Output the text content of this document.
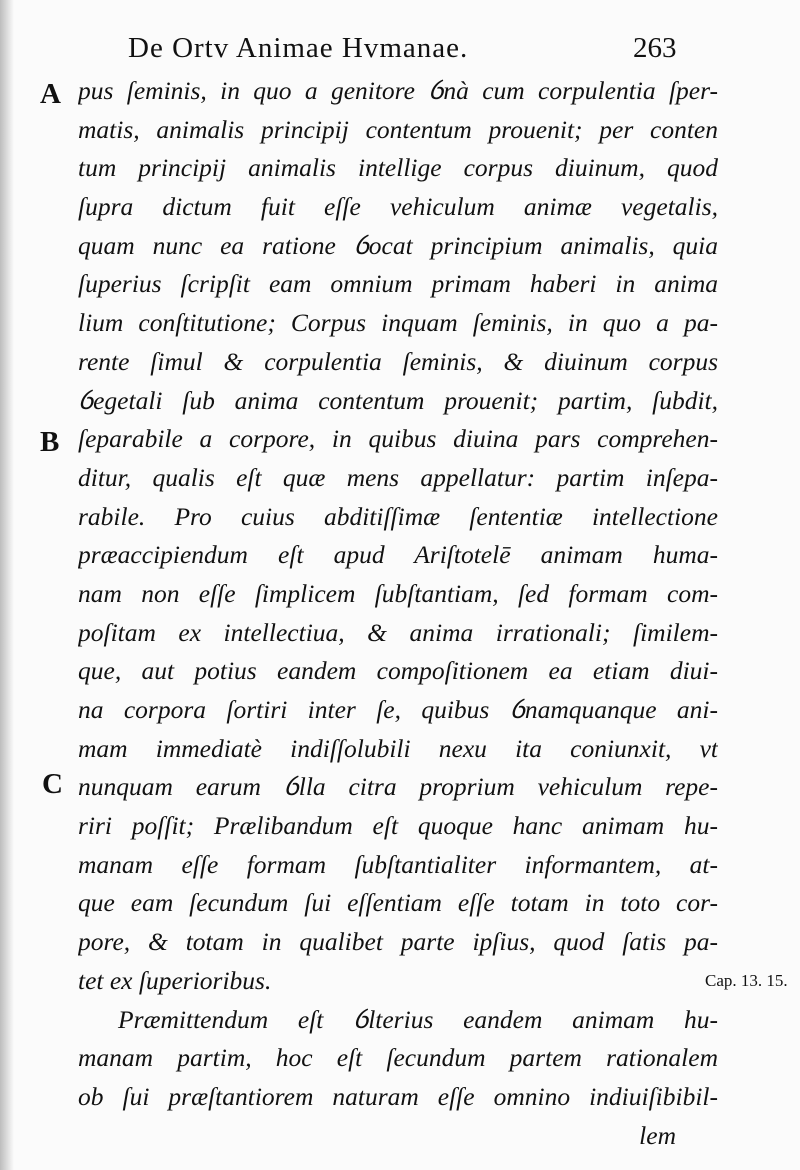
De Ortv Animae Hvmanae.	263
A
B
C
pus ſeminis, in quo a genitore ỽnà cum corpulentia ſper-
matis, animalis principij contentum prouenit; per conten
tum principij animalis intellige corpus diuinum, quod
ſupra dictum fuit eſſe vehiculum animæ vegetalis,
quam nunc ea ratione ỽocat principium animalis, quia
ſuperius ſcripſit eam omnium primam haberi in anima
lium conſtitutione; Corpus inquam ſeminis, in quo a pa-
rente ſimul & corpulentia ſeminis, & diuinum corpus
ỽegetali ſub anima contentum prouenit; partim, ſubdit,
ſeparabile a corpore, in quibus diuina pars comprehen-
ditur, qualis eſt quæ mens appellatur: partim inſepa-
rabile. Pro cuius abditiſſimæ ſententiæ intellectione
præaccipiendum eſt apud Ariſtotelē animam huma-
nam non eſſe ſimplicem ſubſtantiam, ſed formam com-
poſitam ex intellectiua, & anima irrationali; ſimilem-
que, aut potius eandem compoſitionem ea etiam diui-
na corpora ſortiri inter ſe, quibus ỽnamquanque ani-
mam immediatè indiſſolubili nexu ita coniunxit, vt
nunquam earum ỽlla citra proprium vehiculum repe-
riri poſſit; Prælibandum eſt quoque hanc animam hu-
manam eſſe formam ſubſtantialiter informantem, at-
que eam ſecundum ſui eſſentiam eſſe totam in toto cor-
pore, & totam in qualibet parte ipſius, quod ſatis pa-
tet ex ſuperioribus.
Præmittendum eſt ỽlterius eandem animam hu-
manam partim, hoc eſt ſecundum partem rationalem
ob ſui præſtantiorem naturam eſſe omnino indiuiſibibil-
lem
Cap. 13. 15.
